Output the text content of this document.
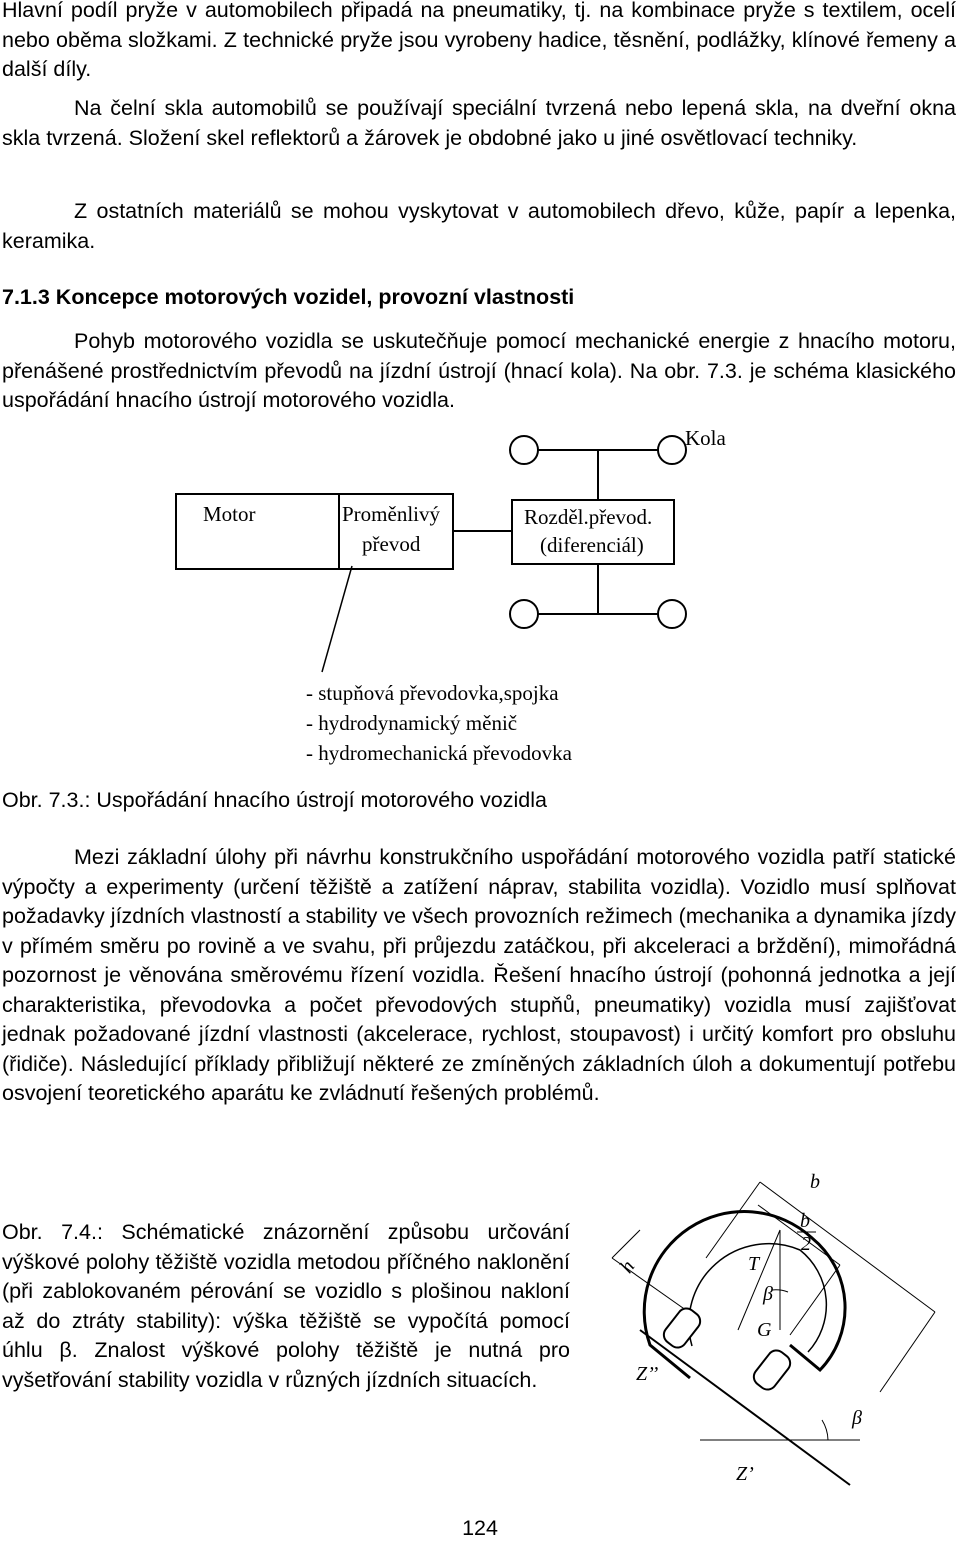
Hlavní podíl pryže v automobilech připadá na pneumatiky, tj. na kombinace pryže s textilem, ocelí nebo oběma složkami. Z technické pryže jsou vyrobeny hadice, těsnění, podlážky, klínové řemeny a další díly.

Na čelní skla automobilů se používají speciální tvrzená nebo lepená skla, na dveřní okna skla tvrzená. Složení skel reflektorů a žárovek je obdobné jako u jiné osvětlovací techniky.

Z ostatních materiálů se mohou vyskytovat v automobilech dřevo, kůže, papír a lepenka, keramika.

7.1.3 Koncepce motorových vozidel, provozní vlastnosti

Pohyb motorového vozidla se uskutečňuje pomocí mechanické energie z hnacího motoru, přenášené prostřednictvím převodů na jízdní ústrojí (hnací kola). Na obr. 7.3. je schéma klasického uspořádání hnacího ústrojí motorového vozidla.

Kola
Motor	Proměnlivý
převod
Rozděl.převod.
(diferenciál)
- stupňová převodovka,spojka
- hydrodynamický měnič
- hydromechanická převodovka

Obr. 7.3.: Uspořádání hnacího ústrojí motorového vozidla

Mezi základní úlohy při návrhu konstrukčního uspořádání motorového vozidla patří statické výpočty a experimenty (určení těžiště a zatížení náprav, stabilita vozidla). Vozidlo musí splňovat požadavky jízdních vlastností a stability ve všech provozních režimech (mechanika a dynamika jízdy v přímém směru po rovině a ve svahu, při průjezdu zatáčkou, při akceleraci a brždění), mimořádná pozornost je věnována směrovému řízení vozidla. Řešení hnacího ústrojí (pohonná jednotka a její charakteristika, převodovka a počet převodových stupňů, pneumatiky) vozidla musí zajišťovat jednak požadované jízdní vlastnosti (akcelerace, rychlost, stoupavost) i určitý komfort pro obsluhu (řidiče). Následující příklady přibližují některé ze zmíněných základních úloh a dokumentují potřebu osvojení teoretického aparátu ke zvládnutí řešených problémů.

Obr. 7.4.: Schématické znázornění způsobu určování výškové polohy těžiště vozidla metodou příčného naklonění (při zablokovaném pérování se vozidlo s plošinou nakloní až do ztráty stability): výška těžiště se vypočítá pomocí úhlu β. Znalost výškové polohy těžiště je nutná pro vyšetřování stability vozidla v různých jízdních situacích.

b
b
2
h	T
β
G
Z’’
β
Z’
124
